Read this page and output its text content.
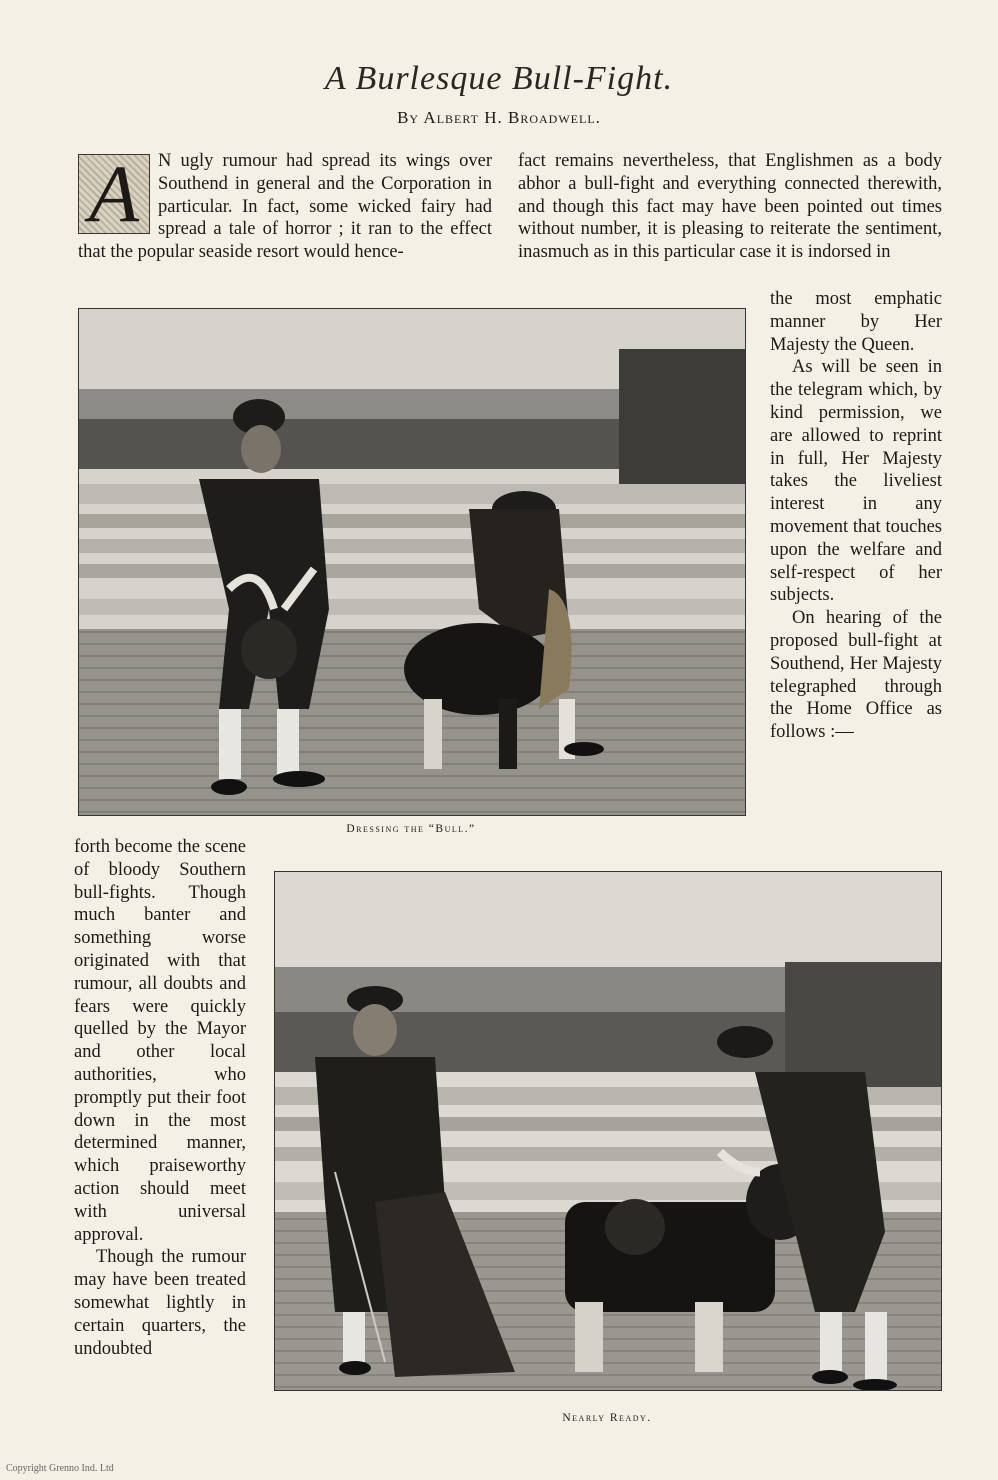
A Burlesque Bull-Fight.
By Albert H. Broadwell.

A	N ugly rumour had spread its wings over Southend in general and the Corporation in particular. In fact, some wicked fairy had spread a tale of horror ; it ran to the effect that the popular seaside resort would hence-

fact remains nevertheless, that Englishmen as a body abhor a bull-fight and everything connected therewith, and though this fact may have been pointed out times without number, it is pleasing to reiterate the sentiment, inasmuch as in this particular case it is indorsed in

the most emphatic manner by Her Majesty the Queen.

As will be seen in the telegram which, by kind permission, we are allowed to reprint in full, Her Majesty takes the liveliest interest in any movement that touches upon the welfare and self-respect of her subjects.

On hearing of the proposed bull-fight at Southend, Her Majesty telegraphed through the Home Office as follows :—

forth become the scene of bloody Southern bull-fights. Though much banter and something worse originated with that rumour, all doubts and fears were quickly quelled by the Mayor and other local authorities, who promptly put their foot down in the most determined manner, which praiseworthy action should meet with universal approval.

Though the rumour may have been treated somewhat lightly in certain quarters, the undoubted

Dressing the “Bull.”
Nearly Ready.
Copyright Grenno Ind. Ltd
